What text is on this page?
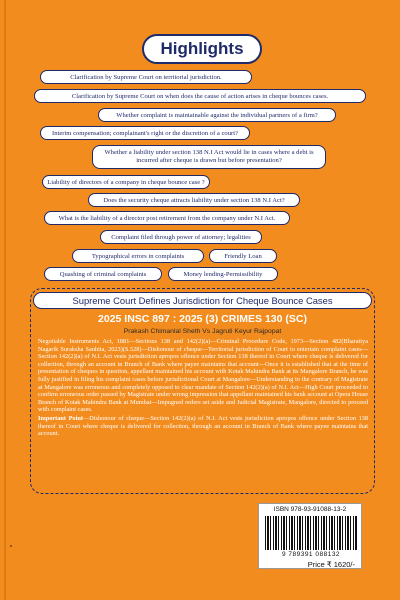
Highlights
Clarification by Supreme Court on territorial jurisdiction.
Clarification by Supreme Court on when does the cause of action arises in cheque bounces cases.
Whether complaint is maintainable against the individual partners of a firm?
Interim compensation; complainant's right or the discretion of a court?
Whether a liability under section 138 N.I Act would lie in cases where a debt is incurred after cheque is drawn but before presentation?
Liability of directors of a company in cheque bounce case ?
Does the security cheque attracts liability under section 138 N.I Act?
What is the liability of a director post retirement from the company under N.I Act.
Complaint filed through power of attorney; legalities
Typographical errors in complaints	Friendly Loan
Quashing of criminal complaints	Money lending-Permissibility
Supreme Court Defines Jurisdiction for Cheque Bounce Cases
2025 INSC 897 : 2025 (3) CRIMES 130 (SC)
Prakash Chimanlal Sheth Vs Jagruti Keyur Rajpopat

Negotiable Instruments Act, 1881—Sections 138 and 142(2)(a)—Criminal Procedure Code, 1973—Section 482(Bharatiya Nagarik Suraksha Sanhita, 2023)(S.528)—Dishonour of cheque—Territorial jurisdiction of Court to entertain complaint cases—Section 142(2)(a) of N.I. Act vests jurisdiction apropos offence under Section 138 thereof in Court where cheque is delivered for collection, through an account in Branch of Bank where payee maintains that account—Once it is established that at the time of presentation of cheques in question, appellant maintained his account with Kotak Mahindra Bank at its Mangalore Branch, he was fully justified in filing his complaint cases before jurisdictional Court at Mangalore—Understanding to the contrary of Magistrate at Mangalore was erroneous and completely opposed to clear mandate of Section 142(2)(a) of N.I. Act—High Court proceeded to confirm erroneous order passed by Magistrate under wrong impression that appellant maintained his bank account at Opera House Branch of Kotak Mahindra Bank at Mumbai—Impugned orders set aside and Judicial Magistrate, Mangalore, directed to proceed with complaint cases.

Important Point—Dishonour of cheque—Section 142(2)(a) of N.I. Act vests jurisdiction apropos offence under Section 138 thereof in Court where cheque is delivered for collection, through an account in Branch of Bank where payee maintains that account.

ISBN 978-93-91088-13-2
9 789391 088132
Price ₹ 1620/-
